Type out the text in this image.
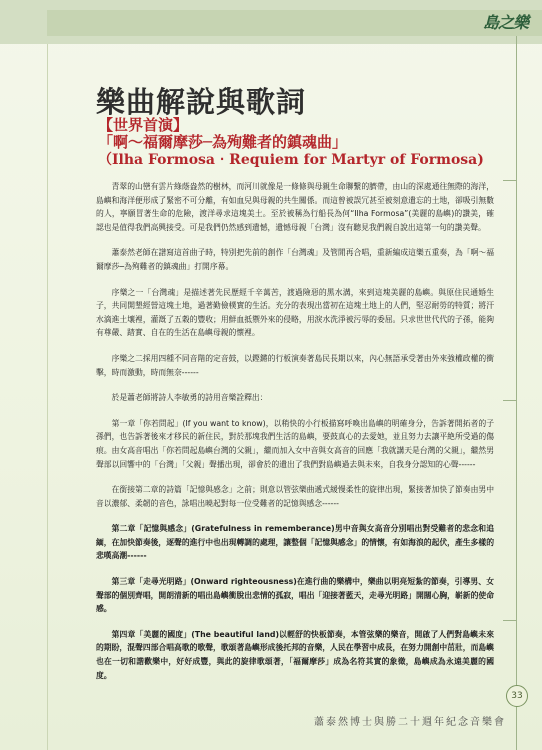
島之樂
樂曲解說與歌詞
【世界首演】
「啊～福爾摩莎─為殉難者的鎮魂曲」
（Ilha Formosa ‧ Requiem for Martyr of Formosa)

青翠的山巒有雲片綠蔭盎然的樹林，而河川就像是一條條與母親生命聯繫的臍帶，由山的深處通往無際的海洋，島嶼和海洋便形成了緊密不可分離，有如血兒與母親的共生關係。而這曾被誤冗甚至被刻意遺忘的土地，卻吸引無數的人，寧願冒著生命的危險，渡洋尋求這塊美土。至於被稱為行船長為何“Ilha Formosa”(美麗的島嶼)的讚美，確認也是值得我們高興接受。可是我們仍然感到遺憾，遺憾母親「台灣」沒有聽見我們親自說出這第一句的讚美聲。

蕭泰然老師在譜寫這首曲子時，特別把先前的創作「台灣魂」及管閒再合唱，重新編成這樂五重奏，為「啊～福爾摩莎─為殉難者的鎮魂曲」打開序幕。

序樂之一「台灣魂」是描述著先民歷經千辛萬苦，渡過險惡的黑水溝，來到這塊美麗的島嶼。與原住民通婚生子，共同開墾經營這塊土地，過著勤儉樸實的生活。充分的表現出當初在這塊土地上的人們，堅忍耐勞的特質；將汗水滴進土壤裡，灌漑了五穀的豐收；用鮮血抵禦外來的侵略，用淚水洗淨被污辱的委屈。只求世世代代的子孫，能夠有尊嚴、踏實、自在的生活在島嶼母親的懷裡。

序樂之二採用四種不同音階的定音鼓，以鏗鏘的行板演奏著島民長期以來，內心無語承受著由外來強權政權的衝擊，時而激動，時而無奈------

於是蕭老師將詩人李敏勇的詩用音樂詮釋出：

第一章「你若問起」(If you want to know)，以稍快的小行板描寫呼喚出島嶼的明確身分，告訴著開拓者的子孫們，也告訴著後來才移民的新住民，對於那塊我們生活的島嶼，要鼓真心的去愛她，並且努力去讓平絶所受過的傷痕。由女高音唱出「你若問起島嶼台灣的父親」，繼而加入女中音與女高音的回應「我就講天是台灣的父親」，繼然男聲部以回響中的「台灣」「父親」聲播出現，卻會於的遺出了我們對島嶼過去與未來，自我身分認知的心聲------

在銜接第二章的詩篇「記憶與感念」之前；則意以管弦樂曲遞式緩慢柔性的旋律出現，緊接著加快了節奏由男中音以濃郁、柔韌的音色，詠唱出曉起對每一位受難者的記憶與感念------

第二章「記憶與感念」(Gratefulness in rememberance)男中音與女高音分別唱出對受難者的悲念和追緬，在加快節奏後，逐聲的進行中也出現轉調的處理，讓整個「記憶與感念」的情懷，有如海浪的起伏，產生多樣的悲嘆高潮------

第三章「走尋光明路」(Onward righteousness)在進行曲的樂構中，樂曲以明亮短紮的節奏，引導男、女聲部的個別齊唱，開朗清新的唱出島嶼衝脫出悲情的孤寂，唱出「迎接著藍天，走尋光明路」開闊心胸，嶄新的使命感。

第四章「美麗的國度」(The beautiful land)以輕舒的快板節奏，本管弦樂的樂音，開啟了人們對島嶼未來的期盼，混聲四部合唱高歌的歌聲，歌頌著島嶼形成後托邦的音樂，人民在學習中成長，在努力開創中茁壯，而島嶼也在一切和諧歡樂中，好好成豐，與此的旋律歌頌著，「福爾摩莎」成為名符其實的象徵，島嶼成為永遠美麗的國度。

33
蕭泰然博士與勝二十週年紀念音樂會
